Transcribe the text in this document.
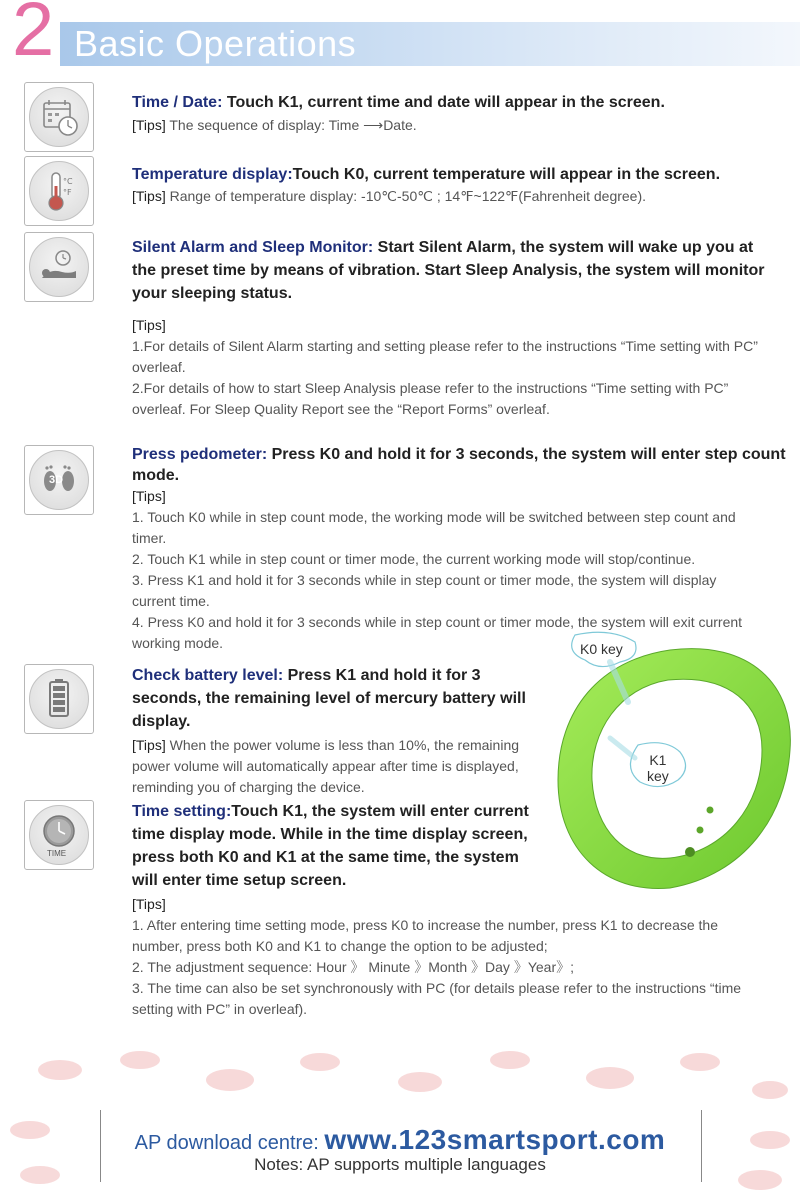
2 Basic Operations

Time / Date: Touch K1, current time and date will appear in the screen.

[Tips] The sequence of display: Time ⟶Date.

°C
°F

Temperature display:Touch K0, current temperature will appear in the screen.

[Tips] Range of temperature display: -10℃-50℃ ; 14℉~122℉(Fahrenheit degree).

Silent Alarm and Sleep Monitor: Start Silent Alarm, the system will wake up you at the preset time by means of vibration. Start Sleep Analysis, the system will monitor your sleeping status.

[Tips]

1.For details of Silent Alarm starting and setting please refer to the instructions “Time setting with PC” overleaf.

2.For details of how to start Sleep Analysis please refer to the instructions “Time setting with PC” overleaf. For Sleep Quality Report see the “Report Forms” overleaf.

3D

Press pedometer: Press K0 and hold it for 3 seconds, the system will enter step count mode.

[Tips]

1. Touch K0 while in step count mode, the working mode will be switched between step count and timer.

2. Touch K1 while in step count or timer mode, the current working mode will stop/continue.

3. Press K1 and hold it for 3 seconds while in step count or timer mode, the system will display current time.

4. Press K0 and hold it for 3 seconds while in step count or timer mode, the system will exit current working mode.

Check battery level: Press K1 and hold it for 3 seconds, the remaining level of mercury battery will display.

[Tips] When the power volume is less than 10%, the remaining power volume will automatically appear after time is displayed, reminding you of charging the device.

TIME

Time setting:Touch K1, the system will enter current time display mode. While in the time display screen, press both K0 and K1 at the same time, the system will enter time setup screen.

[Tips]

1. After entering time setting mode, press K0 to increase the number, press K1 to decrease the number, press both K0 and K1 to change the option to be adjusted;

2. The adjustment sequence: Hour 》 Minute 》Month 》Day 》Year》;

3. The time can also be set synchronously with PC (for details please refer to the instructions “time setting with PC” in overleaf).

K0 key
K1
key
AP download centre: www.123smartsport.com
Notes: AP supports multiple languages
